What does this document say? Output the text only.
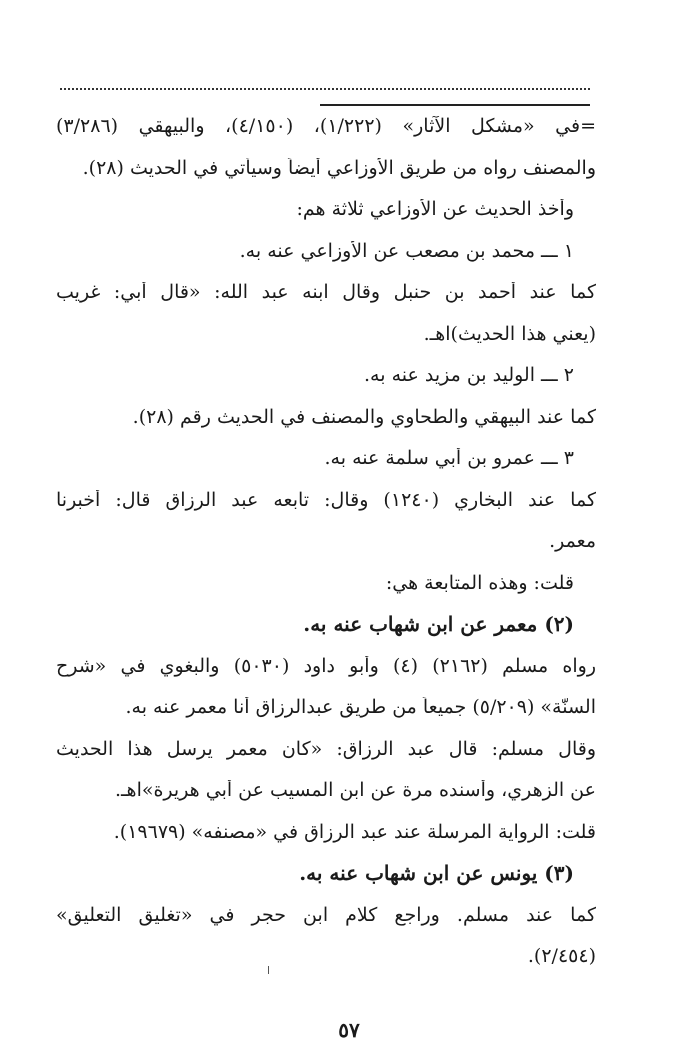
=في «مشكل الآثار» (١/٢٢٢)، (٤/١٥٠)، والبيهقي (٣/٢٨٦)
والمصنف رواه من طريق الأوزاعي أيضاً وسيأتي في الحديث (٢٨).
وأخذ الحديث عن الأوزاعي ثلاثة هم:
١ ـــ محمد بن مصعب عن الأوزاعي عنه به.
كما عند أحمد بن حنبل وقال ابنه عبد الله: «قال أبي: غريب
(يعني هذا الحديث)اهـ.
٢ ـــ الوليد بن مزيد عنه به.
كما عند البيهقي والطحاوي والمصنف في الحديث رقم (٢٨).
٣ ـــ عمرو بن أبي سلمة عنه به.
كما عند البخاري (١٢٤٠) وقال: تابعه عبد الرزاق قال: أخبرنا
معمر.
قلت: وهذه المتابعة هي:
(٢) معمر عن ابن شهاب عنه به.
رواه مسلم (٢١٦٢) (٤) وأبو داود (٥٠٣٠) والبغوي في «شرح
السنّة» (٥/٢٠٩) جميعاً من طريق عبدالرزاق أنا معمر عنه به.
وقال مسلم: قال عبد الرزاق: «كان معمر يرسل هذا الحديث
عن الزهري، وأسنده مرة عن ابن المسيب عن أبي هريرة»اهـ.
قلت: الرواية المرسلة عند عبد الرزاق في «مصنفه» (١٩٦٧٩).
(٣) يونس عن ابن شهاب عنه به.
كما عند مسلم. وراجع كلام ابن حجر في «تغليق التعليق»
(٢/٤٥٤).
٥٧
